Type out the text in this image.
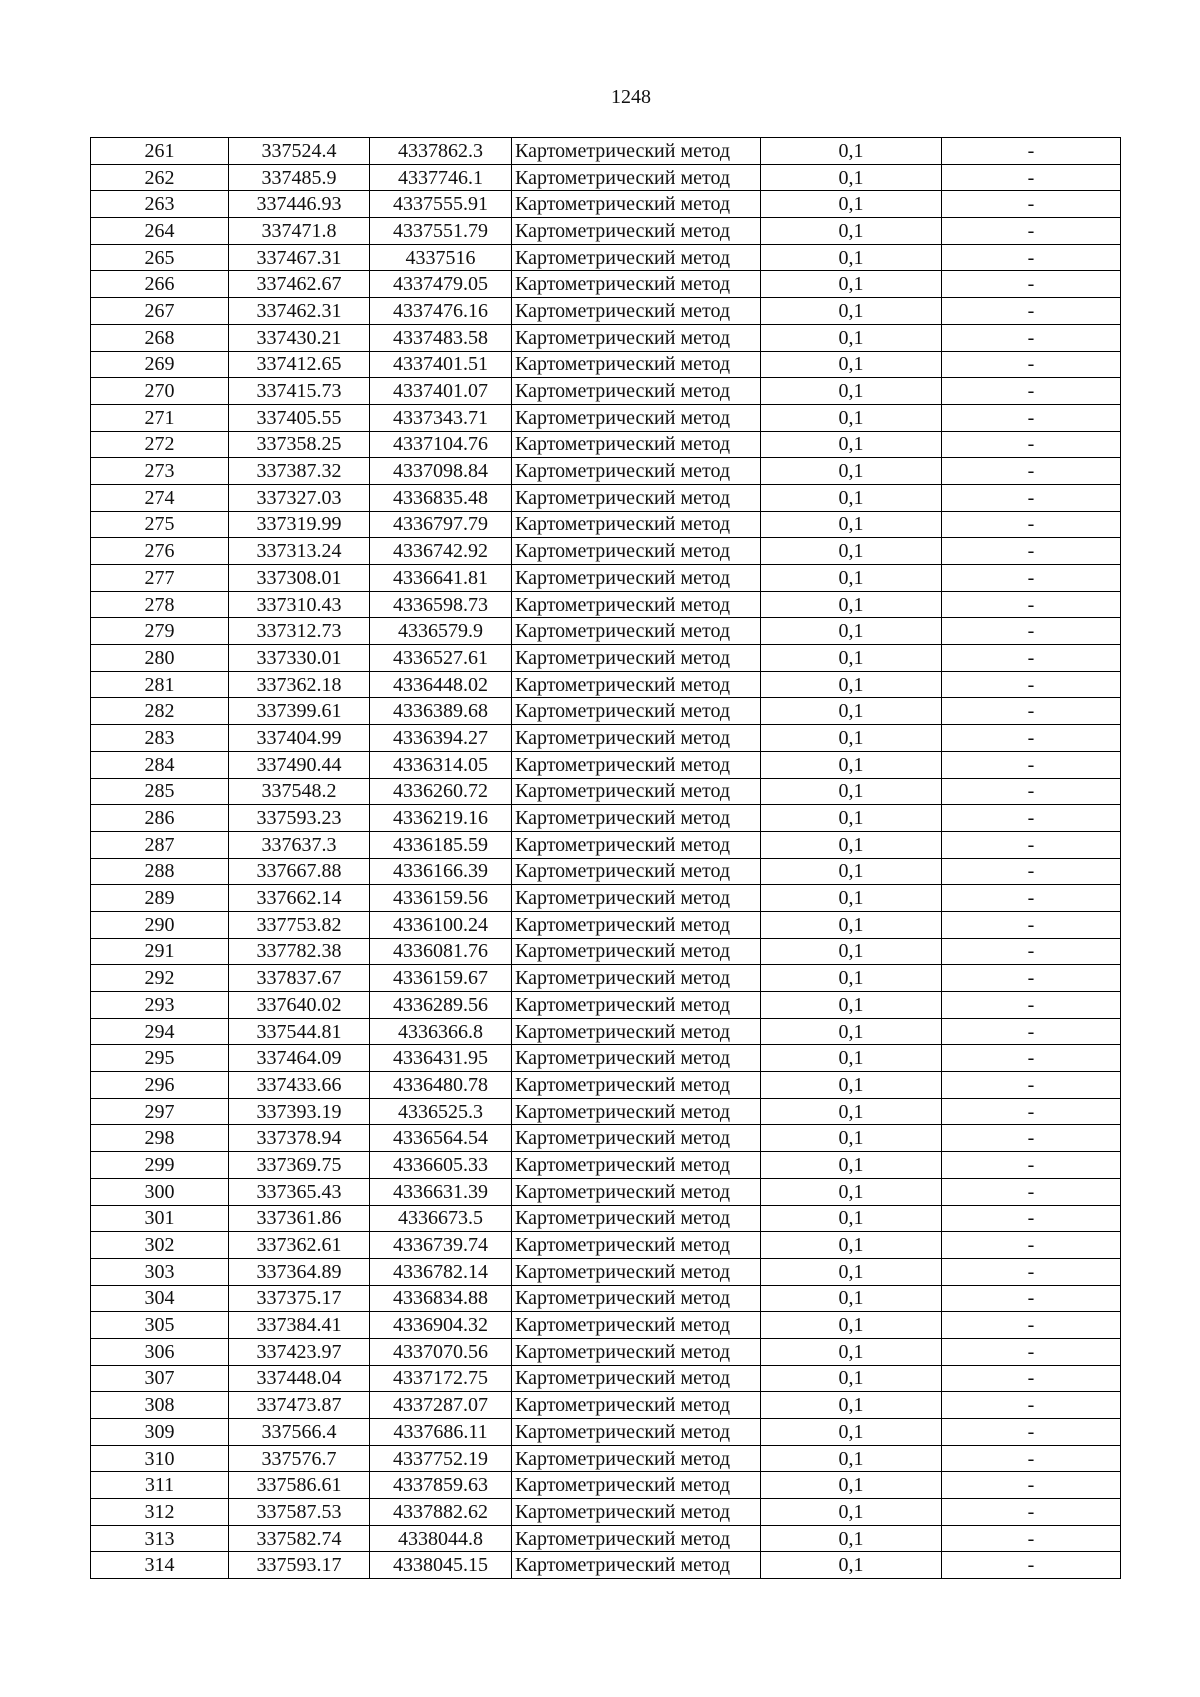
1248
261	337524.4	4337862.3	Картометрический метод	0,1	-
262	337485.9	4337746.1	Картометрический метод	0,1	-
263	337446.93	4337555.91	Картометрический метод	0,1	-
264	337471.8	4337551.79	Картометрический метод	0,1	-
265	337467.31	4337516	Картометрический метод	0,1	-
266	337462.67	4337479.05	Картометрический метод	0,1	-
267	337462.31	4337476.16	Картометрический метод	0,1	-
268	337430.21	4337483.58	Картометрический метод	0,1	-
269	337412.65	4337401.51	Картометрический метод	0,1	-
270	337415.73	4337401.07	Картометрический метод	0,1	-
271	337405.55	4337343.71	Картометрический метод	0,1	-
272	337358.25	4337104.76	Картометрический метод	0,1	-
273	337387.32	4337098.84	Картометрический метод	0,1	-
274	337327.03	4336835.48	Картометрический метод	0,1	-
275	337319.99	4336797.79	Картометрический метод	0,1	-
276	337313.24	4336742.92	Картометрический метод	0,1	-
277	337308.01	4336641.81	Картометрический метод	0,1	-
278	337310.43	4336598.73	Картометрический метод	0,1	-
279	337312.73	4336579.9	Картометрический метод	0,1	-
280	337330.01	4336527.61	Картометрический метод	0,1	-
281	337362.18	4336448.02	Картометрический метод	0,1	-
282	337399.61	4336389.68	Картометрический метод	0,1	-
283	337404.99	4336394.27	Картометрический метод	0,1	-
284	337490.44	4336314.05	Картометрический метод	0,1	-
285	337548.2	4336260.72	Картометрический метод	0,1	-
286	337593.23	4336219.16	Картометрический метод	0,1	-
287	337637.3	4336185.59	Картометрический метод	0,1	-
288	337667.88	4336166.39	Картометрический метод	0,1	-
289	337662.14	4336159.56	Картометрический метод	0,1	-
290	337753.82	4336100.24	Картометрический метод	0,1	-
291	337782.38	4336081.76	Картометрический метод	0,1	-
292	337837.67	4336159.67	Картометрический метод	0,1	-
293	337640.02	4336289.56	Картометрический метод	0,1	-
294	337544.81	4336366.8	Картометрический метод	0,1	-
295	337464.09	4336431.95	Картометрический метод	0,1	-
296	337433.66	4336480.78	Картометрический метод	0,1	-
297	337393.19	4336525.3	Картометрический метод	0,1	-
298	337378.94	4336564.54	Картометрический метод	0,1	-
299	337369.75	4336605.33	Картометрический метод	0,1	-
300	337365.43	4336631.39	Картометрический метод	0,1	-
301	337361.86	4336673.5	Картометрический метод	0,1	-
302	337362.61	4336739.74	Картометрический метод	0,1	-
303	337364.89	4336782.14	Картометрический метод	0,1	-
304	337375.17	4336834.88	Картометрический метод	0,1	-
305	337384.41	4336904.32	Картометрический метод	0,1	-
306	337423.97	4337070.56	Картометрический метод	0,1	-
307	337448.04	4337172.75	Картометрический метод	0,1	-
308	337473.87	4337287.07	Картометрический метод	0,1	-
309	337566.4	4337686.11	Картометрический метод	0,1	-
310	337576.7	4337752.19	Картометрический метод	0,1	-
311	337586.61	4337859.63	Картометрический метод	0,1	-
312	337587.53	4337882.62	Картометрический метод	0,1	-
313	337582.74	4338044.8	Картометрический метод	0,1	-
314	337593.17	4338045.15	Картометрический метод	0,1	-
